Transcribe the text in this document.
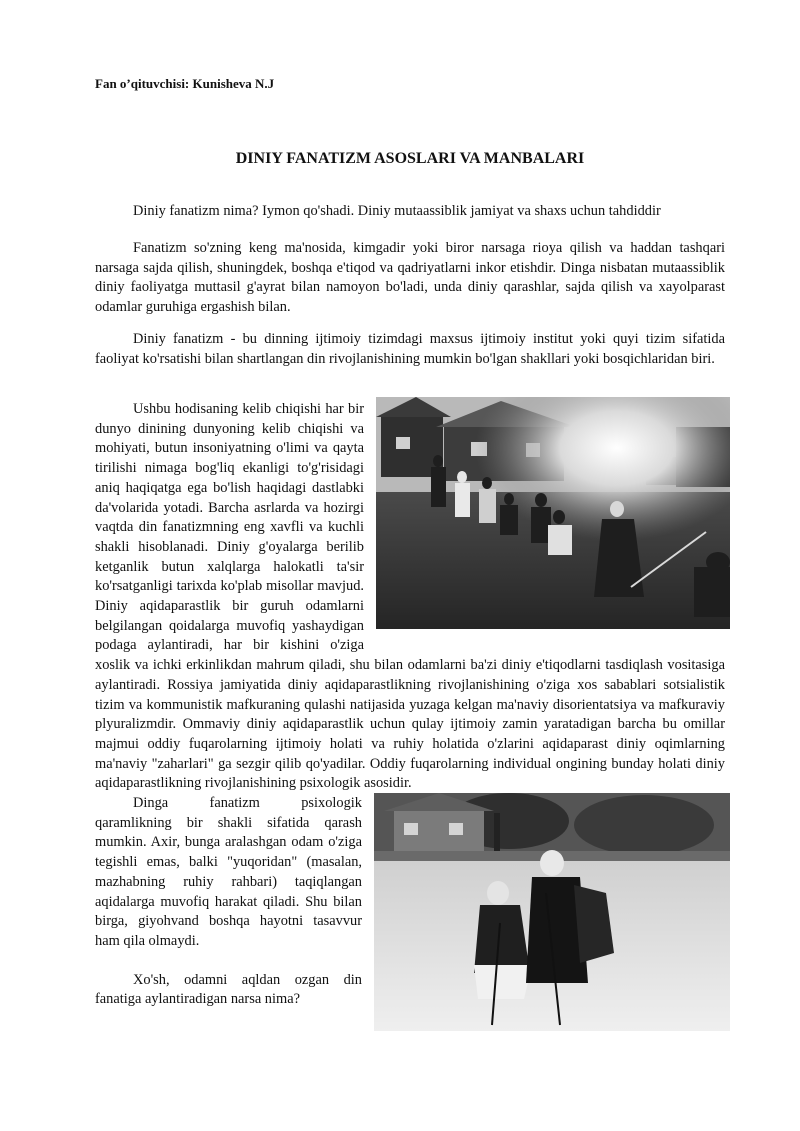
Fan o’qituvchisi: Kunisheva N.J
DINIY FANATIZM ASOSLARI VA MANBALARI

Diniy fanatizm nima? Iymon qo'shadi. Diniy mutaassiblik jamiyat va shaxs uchun tahdiddir

Fanatizm so'zning keng ma'nosida, kimgadir yoki biror narsaga rioya qilish va haddan tashqari narsaga sajda qilish, shuningdek, boshqa e'tiqod va qadriyatlarni inkor etishdir. Dinga nisbatan mutaassiblik diniy faoliyatga muttasil g'ayrat bilan namoyon bo'ladi, unda diniy qarashlar, sajda qilish va xayolparast odamlar guruhiga ergashish bilan.

Diniy fanatizm - bu dinning ijtimoiy tizimdagi maxsus ijtimoiy institut yoki quyi tizim sifatida faoliyat ko'rsatishi bilan shartlangan din rivojlanishining mumkin bo'lgan shakllari yoki bosqichlaridan biri.

Ushbu hodisaning kelib chiqishi har bir dunyo dinining dunyoning kelib chiqishi va mohiyati, butun insoniyatning o'limi va qayta tirilishi nimaga bog'liq ekanligi to'g'risidagi aniq haqiqatga ega bo'lish haqidagi dastlabki da'volarida yotadi. Barcha asrlarda va hozirgi vaqtda din fanatizmning eng xavfli va kuchli shakli hisoblanadi. Diniy g'oyalarga berilib ketganlik butun xalqlarga halokatli ta'sir ko'rsatganligi tarixda ko'plab misollar mavjud. Diniy aqidaparastlik bir guruh odamlarni belgilangan qoidalarga muvofiq yashaydigan podaga aylantiradi, har bir kishini o'ziga xoslik va ichki erkinlikdan mahrum qiladi, shu bilan odamlarni ba'zi diniy e'tiqodlarni tasdiqlash vositasiga aylantiradi. Rossiya jamiyatida diniy aqidaparastlikning rivojlanishining o'ziga xos sabablari sotsialistik tizim va kommunistik mafkuraning qulashi natijasida yuzaga kelgan ma'naviy disorientatsiya va mafkuraviy plyuralizmdir. Ommaviy diniy aqidaparastlik uchun qulay ijtimoiy zamin yaratadigan barcha bu omillar majmui oddiy fuqarolarning ijtimoiy holati va ruhiy holatida o'zlarini aqidaparast diniy oqimlarning ma'naviy "zaharlari" ga sezgir qilib qo'yadilar. Oddiy fuqarolarning individual ongining bunday holati diniy aqidaparastlikning rivojlanishining psixologik asosidir.
Dinga fanatizm psixologik qaramlikning bir shakli sifatida qarash mumkin. Axir, bunga aralashgan odam o'ziga tegishli emas, balki "yuqoridan" (masalan, mazhabning ruhiy rahbari) taqiqlangan aqidalarga muvofiq harakat qiladi. Shu bilan birga, giyohvand boshqa hayotni tasavvur ham qila olmaydi.

Xo'sh, odamni aqldan ozgan din fanatiga aylantiradigan narsa nima?
